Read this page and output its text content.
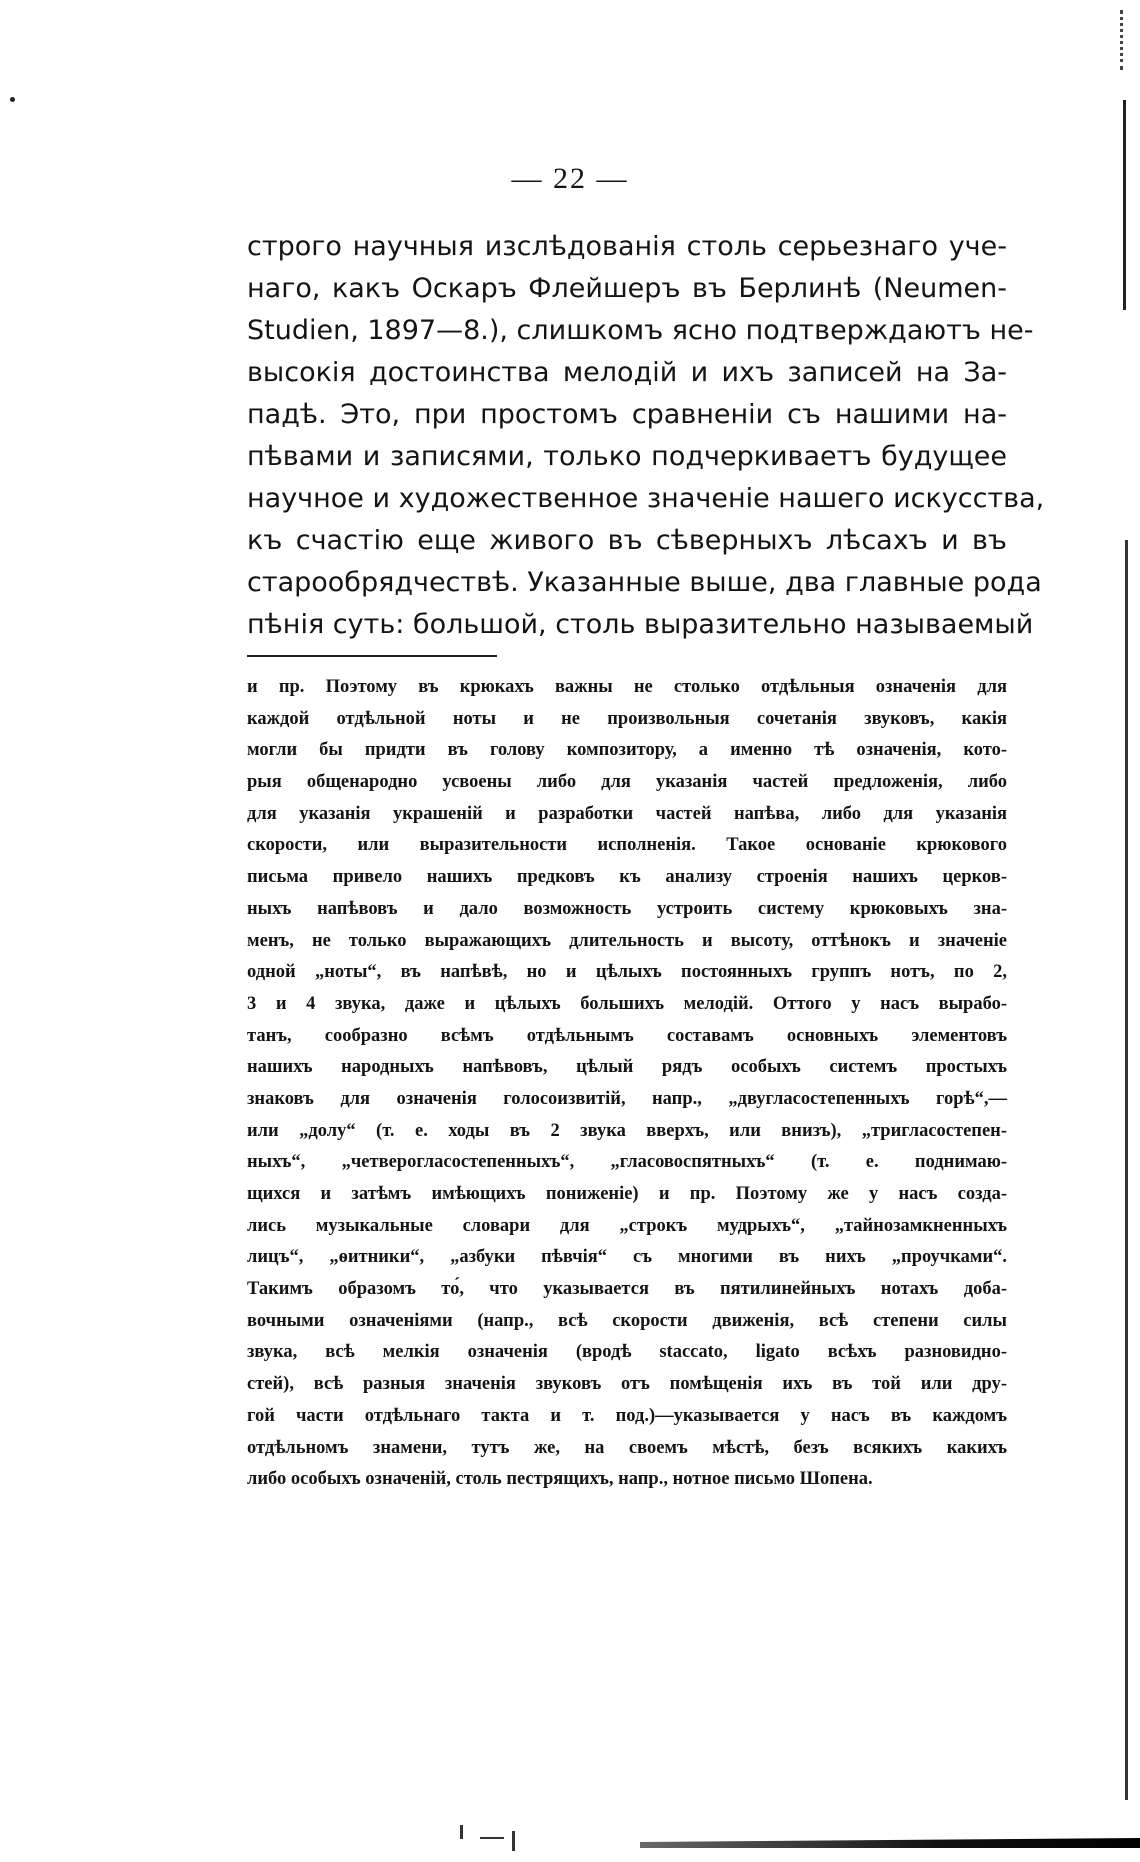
— 22 —
строго научныя изслѣдованія столь серьезнаго уче-
наго, какъ Оскаръ Флейшеръ въ Берлинѣ (Neumen-
Studien, 1897—8.), слишкомъ ясно подтверждаютъ не-
высокія достоинства мелодій и ихъ записей на За-
падѣ. Это, при простомъ сравненіи съ нашими на-
пѣвами и записями, только подчеркиваетъ будущее
научное и художественное значеніе нашего искусства,
къ счастію еще живого въ сѣверныхъ лѣсахъ и въ
старообрядчествѣ. Указанные выше, два главные рода
пѣнія суть: большой, столь выразительно называемый
и пр. Поэтому въ крюкахъ важны не столько отдѣльныя означенія для
каждой отдѣльной ноты и не произвольныя сочетанія звуковъ, какія
могли бы придти въ голову композитору, а именно тѣ означенія, кото-
рыя общенародно усвоены либо для указанія частей предложенія, либо
для указанія украшеній и разработки частей напѣва, либо для указанія
скорости, или выразительности исполненія. Такое основаніе крюкового
письма привело нашихъ предковъ къ анализу строенія нашихъ церков-
ныхъ напѣвовъ и дало возможность устроить систему крюковыхъ зна-
менъ, не только выражающихъ длительность и высоту, оттѣнокъ и значеніе
одной „ноты“, въ напѣвѣ, но и цѣлыхъ постоянныхъ группъ нотъ, по 2,
3 и 4 звука, даже и цѣлыхъ большихъ мелодій. Оттого у насъ вырабо-
танъ, сообразно всѣмъ отдѣльнымъ составамъ основныхъ элементовъ
нашихъ народныхъ напѣвовъ, цѣлый рядъ особыхъ системъ простыхъ
знаковъ для означенія голосоизвитій, напр., „двугласостепенныхъ горѣ“,—
или „долу“ (т. е. ходы въ 2 звука вверхъ, или внизъ), „тригласостепен-
ныхъ“, „четверогласостепенныхъ“, „гласовоспятныхъ“ (т. е. поднимаю-
щихся и затѣмъ имѣющихъ пониженіе) и пр. Поэтому же у насъ созда-
лись музыкальные словари для „строкъ мудрыхъ“, „тайнозамкненныхъ
лицъ“, „ѳитники“, „азбуки пѣвчія“ съ многими въ нихъ „проучками“.
Такимъ образомъ то́, что указывается въ пятилинейныхъ нотахъ доба-
вочными означеніями (напр., всѣ скорости движенія, всѣ степени силы
звука, всѣ мелкія означенія (вродѣ staccato, ligato всѣхъ разновидно-
стей), всѣ разныя значенія звуковъ отъ помѣщенія ихъ въ той или дру-
гой части отдѣльнаго такта и т. под.)—указывается у насъ въ каждомъ
отдѣльномъ знамени, тутъ же, на своемъ мѣстѣ, безъ всякихъ какихъ
либо особыхъ означеній, столь пестрящихъ, напр., нотное письмо Шопена.
